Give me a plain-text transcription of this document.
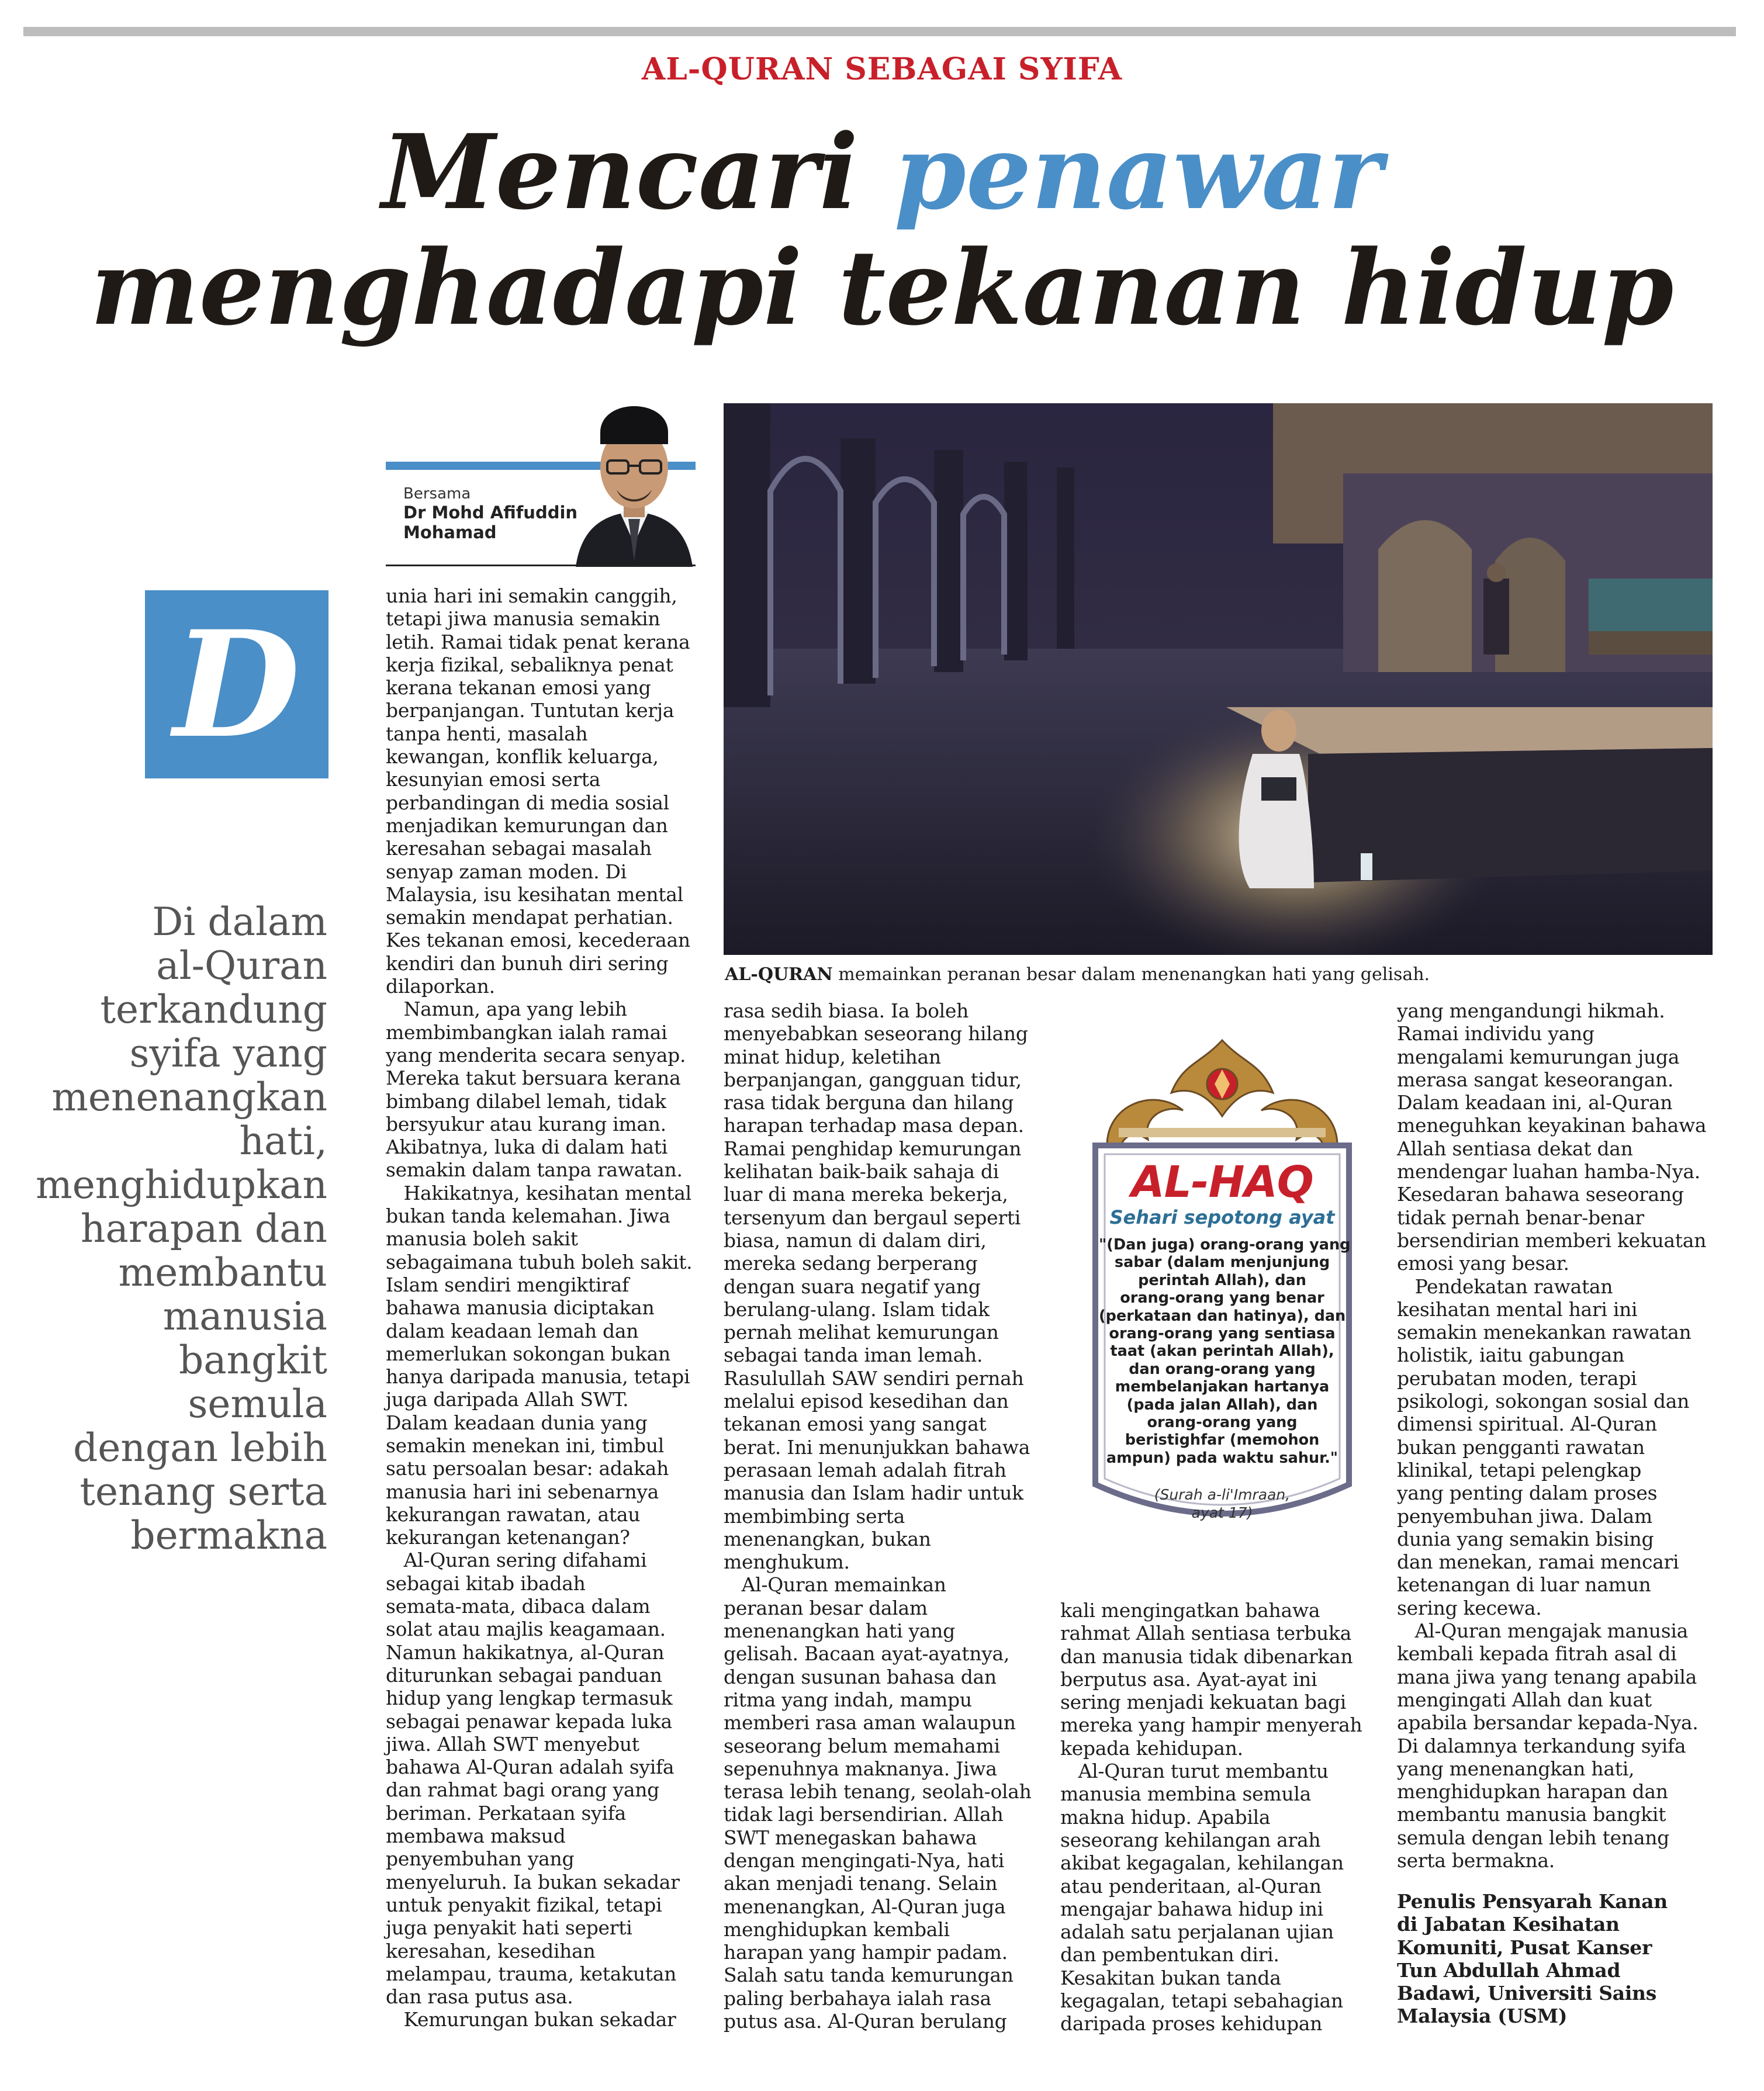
AL-QURAN SEBAGAI SYIFA
Mencari penawar
menghadapi tekanan hidup
Bersama
Dr Mohd Afifuddin
Mohamad
D
Di dalam
al-Quran
terkandung
syifa yang
menenangkan
hati,
menghidupkan
harapan dan
membantu
manusia
bangkit semula
dengan lebih
tenang serta
bermakna
AL-QURAN memainkan peranan besar dalam menenangkan hati yang gelisah.
unia hari ini semakin canggih,
tetapi jiwa manusia semakin
letih. Ramai tidak penat kerana
kerja fizikal, sebaliknya penat
kerana tekanan emosi yang
berpanjangan. Tuntutan kerja
tanpa henti, masalah
kewangan, konflik keluarga,
kesunyian emosi serta
perbandingan di media sosial
menjadikan kemurungan dan
keresahan sebagai masalah
senyap zaman moden. Di
Malaysia, isu kesihatan mental
semakin mendapat perhatian.
Kes tekanan emosi, kecederaan
kendiri dan bunuh diri sering
dilaporkan.
Namun, apa yang lebih
membimbangkan ialah ramai
yang menderita secara senyap.
Mereka takut bersuara kerana
bimbang dilabel lemah, tidak
bersyukur atau kurang iman.
Akibatnya, luka di dalam hati
semakin dalam tanpa rawatan.
Hakikatnya, kesihatan mental
bukan tanda kelemahan. Jiwa
manusia boleh sakit
sebagaimana tubuh boleh sakit.
Islam sendiri mengiktiraf
bahawa manusia diciptakan
dalam keadaan lemah dan
memerlukan sokongan bukan
hanya daripada manusia, tetapi
juga daripada Allah SWT.
Dalam keadaan dunia yang
semakin menekan ini, timbul
satu persoalan besar: adakah
manusia hari ini sebenarnya
kekurangan rawatan, atau
kekurangan ketenangan?
Al-Quran sering difahami
sebagai kitab ibadah
semata-mata, dibaca dalam
solat atau majlis keagamaan.
Namun hakikatnya, al-Quran
diturunkan sebagai panduan
hidup yang lengkap termasuk
sebagai penawar kepada luka
jiwa. Allah SWT menyebut
bahawa Al-Quran adalah syifa
dan rahmat bagi orang yang
beriman. Perkataan syifa
membawa maksud
penyembuhan yang
menyeluruh. Ia bukan sekadar
untuk penyakit fizikal, tetapi
juga penyakit hati seperti
keresahan, kesedihan
melampau, trauma, ketakutan
dan rasa putus asa.
Kemurungan bukan sekadar
rasa sedih biasa. Ia boleh
menyebabkan seseorang hilang
minat hidup, keletihan
berpanjangan, gangguan tidur,
rasa tidak berguna dan hilang
harapan terhadap masa depan.
Ramai penghidap kemurungan
kelihatan baik-baik sahaja di
luar di mana mereka bekerja,
tersenyum dan bergaul seperti
biasa, namun di dalam diri,
mereka sedang berperang
dengan suara negatif yang
berulang-ulang. Islam tidak
pernah melihat kemurungan
sebagai tanda iman lemah.
Rasulullah SAW sendiri pernah
melalui episod kesedihan dan
tekanan emosi yang sangat
berat. Ini menunjukkan bahawa
perasaan lemah adalah fitrah
manusia dan Islam hadir untuk
membimbing serta
menenangkan, bukan
menghukum.
Al-Quran memainkan
peranan besar dalam
menenangkan hati yang
gelisah. Bacaan ayat-ayatnya,
dengan susunan bahasa dan
ritma yang indah, mampu
memberi rasa aman walaupun
seseorang belum memahami
sepenuhnya maknanya. Jiwa
terasa lebih tenang, seolah-olah
tidak lagi bersendirian. Allah
SWT menegaskan bahawa
dengan mengingati-Nya, hati
akan menjadi tenang. Selain
menenangkan, Al-Quran juga
menghidupkan kembali
harapan yang hampir padam.
Salah satu tanda kemurungan
paling berbahaya ialah rasa
putus asa. Al-Quran berulang
kali mengingatkan bahawa
rahmat Allah sentiasa terbuka
dan manusia tidak dibenarkan
berputus asa. Ayat-ayat ini
sering menjadi kekuatan bagi
mereka yang hampir menyerah
kepada kehidupan.
Al-Quran turut membantu
manusia membina semula
makna hidup. Apabila
seseorang kehilangan arah
akibat kegagalan, kehilangan
atau penderitaan, al-Quran
mengajar bahawa hidup ini
adalah satu perjalanan ujian
dan pembentukan diri.
Kesakitan bukan tanda
kegagalan, tetapi sebahagian
daripada proses kehidupan
yang mengandungi hikmah.
Ramai individu yang
mengalami kemurungan juga
merasa sangat keseorangan.
Dalam keadaan ini, al-Quran
meneguhkan keyakinan bahawa
Allah sentiasa dekat dan
mendengar luahan hamba-Nya.
Kesedaran bahawa seseorang
tidak pernah benar-benar
bersendirian memberi kekuatan
emosi yang besar.
Pendekatan rawatan
kesihatan mental hari ini
semakin menekankan rawatan
holistik, iaitu gabungan
perubatan moden, terapi
psikologi, sokongan sosial dan
dimensi spiritual. Al-Quran
bukan pengganti rawatan
klinikal, tetapi pelengkap
yang penting dalam proses
penyembuhan jiwa. Dalam
dunia yang semakin bising
dan menekan, ramai mencari
ketenangan di luar namun
sering kecewa.
Al-Quran mengajak manusia
kembali kepada fitrah asal di
mana jiwa yang tenang apabila
mengingati Allah dan kuat
apabila bersandar kepada-Nya.
Di dalamnya terkandung syifa
yang menenangkan hati,
menghidupkan harapan dan
membantu manusia bangkit
semula dengan lebih tenang
serta bermakna.
Penulis Pensyarah Kanan
di Jabatan Kesihatan
Komuniti, Pusat Kanser
Tun Abdullah Ahmad
Badawi, Universiti Sains
Malaysia (USM)
AL-HAQ
Sehari sepotong ayat
"(Dan juga) orang-orang yang
sabar (dalam menjunjung
perintah Allah), dan
orang-orang yang benar
(perkataan dan hatinya), dan
orang-orang yang sentiasa
taat (akan perintah Allah),
dan orang-orang yang
membelanjakan hartanya
(pada jalan Allah), dan
orang-orang yang
beristighfar (memohon
ampun) pada waktu sahur."
(Surah a-li'Imraan,
ayat 17)
